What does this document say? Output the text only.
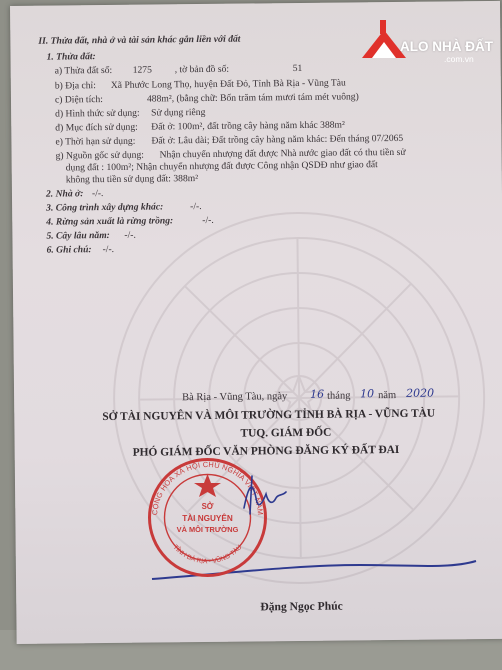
II. Thửa đất, nhà ở và tài sản khác gắn liền với đất
1. Thửa đất:
a) Thửa đất số: 1275 , tờ bản đồ số:	51
b) Địa chỉ: Xã Phước Long Thọ, huyện Đất Đỏ, Tỉnh Bà Rịa - Vũng Tàu
c) Diện tích:	488m², (bằng chữ: Bốn trăm tám mươi tám mét vuông)
d) Hình thức sử dụng: Sử dụng riêng
đ) Mục đích sử dụng: Đất ở: 100m², đất trồng cây hàng năm khác 388m²
e) Thời hạn sử dụng: Đất ở: Lâu dài; Đất trồng cây hàng năm khác: Đến tháng 07/2065
g) Nguồn gốc sử dụng: Nhận chuyển nhượng đất được Nhà nước giao đất có thu tiền sử
dụng đất : 100m²; Nhận chuyển nhượng đất được Công nhận QSDĐ như giao đất
không thu tiền sử dụng đất: 388m²
2. Nhà ở: -/-.
3. Công trình xây dựng khác:	-/-.
4. Rừng sản xuất là rừng trồng:	-/-.
5. Cây lâu năm: -/-.
6. Ghi chú: -/-.
Bà Rịa - Vũng Tàu, ngày 16 tháng 10 năm 2020
SỞ TÀI NGUYÊN VÀ MÔI TRƯỜNG TỈNH BÀ RỊA - VŨNG TÀU
TUQ. GIÁM ĐỐC
PHÓ GIÁM ĐỐC VĂN PHÒNG ĐĂNG KÝ ĐẤT ĐAI
Đặng Ngọc Phúc
CỘNG HÒA XÃ HỘI CHỦ NGHĨA VIỆT NAM
TỈNH BÀ RỊA - VŨNG TÀU
SỞ
TÀI NGUYÊN
VÀ MÔI TRƯỜNG
ALO NHÀ ĐẤT
.com.vn
